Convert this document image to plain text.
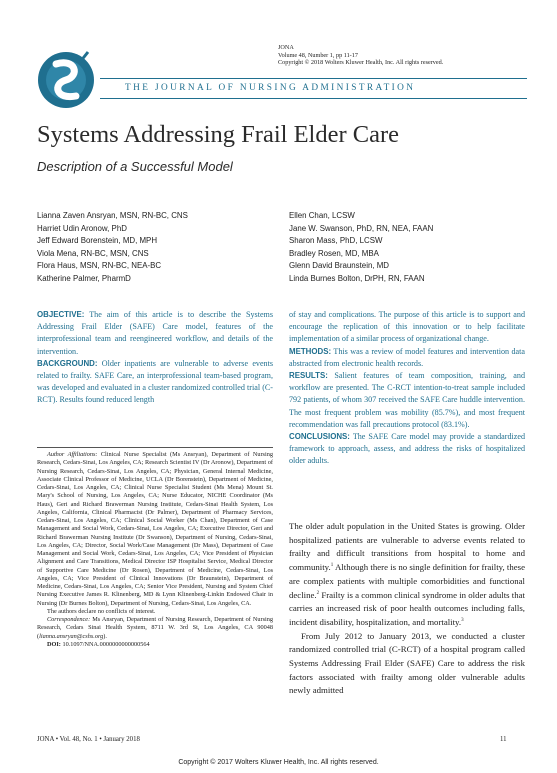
JONA
Volume 48, Number 1, pp 11-17
Copyright © 2018 Wolters Kluwer Health, Inc. All rights reserved.
THE JOURNAL OF NURSING ADMINISTRATION
Systems Addressing Frail Elder Care
Description of a Successful Model
Lianna Zaven Ansryan, MSN, RN-BC, CNS
Harriet Udin Aronow, PhD
Jeff Edward Borenstein, MD, MPH
Viola Mena, RN-BC, MSN, CNS
Flora Haus, MSN, RN-BC, NEA-BC
Katherine Palmer, PharmD
Ellen Chan, LCSW
Jane W. Swanson, PhD, RN, NEA, FAAN
Sharon Mass, PhD, LCSW
Bradley Rosen, MD, MBA
Glenn David Braunstein, MD
Linda Burnes Bolton, DrPH, RN, FAAN

OBJECTIVE: The aim of this article is to describe the Systems Addressing Frail Elder (SAFE) Care model, features of the interprofessional team and reengineered workflow, and details of the intervention.

BACKGROUND: Older inpatients are vulnerable to adverse events related to frailty. SAFE Care, an interprofessional team-based program, was developed and evaluated in a cluster randomized controlled trial (C-RCT). Results found reduced length

of stay and complications. The purpose of this article is to support and encourage the replication of this innovation or to help facilitate implementation of a similar process of organizational change.

METHODS: This was a review of model features and intervention data abstracted from electronic health records.

RESULTS: Salient features of team composition, training, and workflow are presented. The C-RCT intention-to-treat sample included 792 patients, of whom 307 received the SAFE Care huddle intervention. The most frequent problem was mobility (85.7%), and most frequent recommendation was fall precautions protocol (83.1%).

CONCLUSIONS: The SAFE Care model may provide a standardized framework to approach, assess, and address the risks of hospitalized older adults.

Author Affiliations: Clinical Nurse Specialist (Ms Ansryan), Department of Nursing Research, Cedars-Sinai, Los Angeles, CA; Research Scientist IV (Dr Aronow), Department of Nursing Research, Cedars-Sinai, Los Angeles, CA; Physician, General Internal Medicine, Associate Clinical Professor of Medicine, UCLA (Dr Borenstein), Department of Medicine, Cedars-Sinai, Los Angeles, CA; Clinical Nurse Specialist Student (Ms Mena) Mount St. Mary's School of Nursing, Los Angeles, CA; Nurse Educator, NICHE Coordinator (Ms Haus), Geri and Richard Brawerman Nursing Institute, Cedars-Sinai Health System, Los Angeles, California, Clinical Pharmacist (Dr Palmer), Department of Pharmacy Services, Cedars-Sinai, Los Angeles, CA; Clinical Social Worker (Ms Chan), Department of Case Management and Social Work, Cedars-Sinai, Los Angeles, CA; Executive Director, Geri and Richard Brawerman Nursing Institute (Dr Swanson), Department of Nursing, Cedars-Sinai, Los Angeles, CA; Director, Social Work/Case Management (Dr Mass), Department of Case Management and Social Work, Cedars-Sinai, Los Angeles, CA; Vice President of Physician Alignment and Care Transitions, Medical Director ISP Hospitalist Service, Medical Director of Supportive Care Medicine (Dr Rosen), Department of Medicine, Cedars-Sinai, Los Angeles, CA; Vice President of Clinical Innovations (Dr Braunstein), Department of Medicine, Cedars-Sinai, Los Angeles, CA; Senior Vice President, Nursing and System Chief Nursing Executive James R. Klinenberg, MD & Lynn Klinenberg-Linkin Endowed Chair in Nursing (Dr Burnes Bolton), Department of Nursing, Cedars-Sinai, Los Angeles, CA.

The authors declare no conflicts of interest.

Correspondence: Ms Ansryan, Department of Nursing Research, Department of Nursing Research, Cedars Sinai Health System, 8711 W. 3rd St, Los Angeles, CA 90048 (lianna.ansryan@cshs.org).

DOI: 10.1097/NNA.0000000000000564

The older adult population in the United States is growing. Older hospitalized patients are vulnerable to adverse events related to frailty and difficult transitions from hospital to home and community.$^1$ Although there is no single definition for frailty, these are complex patients with multiple comorbidities and functional decline.$^2$ Frailty is a common clinical syndrome in older adults that carries an increased risk of poor health outcomes including falls, incident disability, hospitalization, and mortality.$^3$

From July 2012 to January 2013, we conducted a cluster randomized controlled trial (C-RCT) of a hospital program called Systems Addressing Frail Elder (SAFE) Care to address the risk factors associated with frailty among older vulnerable adults newly admitted

JONA • Vol. 48, No. 1 • January 2018	11
Copyright © 2017 Wolters Kluwer Health, Inc. All rights reserved.
